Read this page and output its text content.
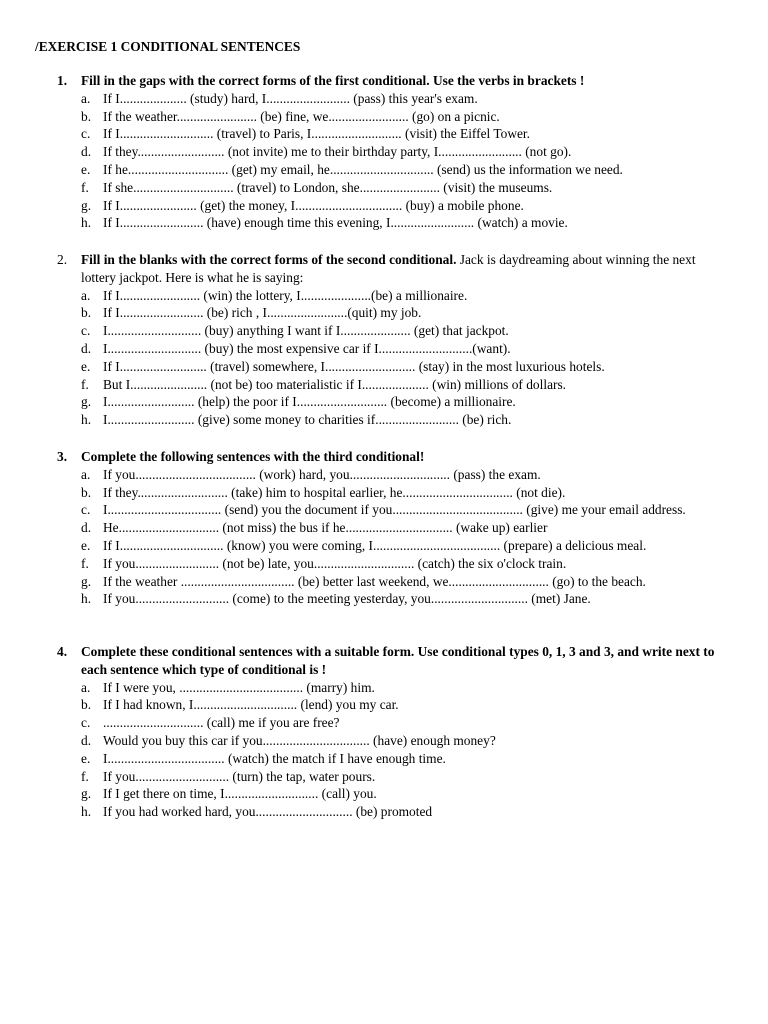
/EXERCISE 1 CONDITIONAL SENTENCES
1. Fill in the gaps with the correct forms of the first conditional. Use the verbs in brackets !
a. If I.................... (study) hard, I......................... (pass) this year's exam.
b. If the weather........................ (be) fine, we........................ (go) on a picnic.
c. If I............................ (travel) to Paris, I........................... (visit) the Eiffel Tower.
d. If they.......................... (not invite) me to their birthday party, I......................... (not go).
e. If he.............................. (get) my email, he............................... (send) us the information we need.
f. If she.............................. (travel) to London, she........................ (visit) the museums.
g. If I....................... (get) the money, I................................ (buy) a mobile phone.
h. If I......................... (have) enough time this evening, I......................... (watch) a movie.
2. Fill in the blanks with the correct forms of the second conditional. Jack is daydreaming about winning the next lottery jackpot. Here is what he is saying:
a. If I........................ (win) the lottery, I.....................(be) a millionaire.
b. If I......................... (be) rich , I........................(quit) my job.
c. I............................ (buy) anything I want if I..................... (get) that jackpot.
d. I............................ (buy) the most expensive car if I............................(want).
e. If I.......................... (travel) somewhere, I........................... (stay) in the most luxurious hotels.
f. But I....................... (not be) too materialistic if I.................... (win) millions of dollars.
g. I.......................... (help) the poor if I........................... (become) a millionaire.
h. I.......................... (give) some money to charities if......................... (be) rich.
3. Complete the following sentences with the third conditional!
a. If you.................................... (work) hard, you.............................. (pass) the exam.
b. If they........................... (take) him to hospital earlier, he................................. (not die).
c. I.................................. (send) you the document if you....................................... (give) me your email address.
d. He.............................. (not miss) the bus if he................................ (wake up) earlier
e. If I............................... (know) you were coming, I...................................... (prepare) a delicious meal.
f. If you......................... (not be) late, you.............................. (catch) the six o'clock train.
g. If the weather .................................. (be) better last weekend, we.............................. (go) to the beach.
h. If you............................ (come) to the meeting yesterday, you............................. (met) Jane.
4. Complete these conditional sentences with a suitable form. Use conditional types 0, 1, 3 and 3, and write next to each sentence which type of conditional is !
a. If I were you, ..................................... (marry) him.
b. If I had known, I............................... (lend) you my car.
c. .............................. (call) me if you are free?
d. Would you buy this car if you................................ (have) enough money?
e. I................................... (watch) the match if I have enough time.
f. If you............................ (turn) the tap, water pours.
g. If I get there on time, I............................ (call) you.
h. If you had worked hard, you............................. (be) promoted
